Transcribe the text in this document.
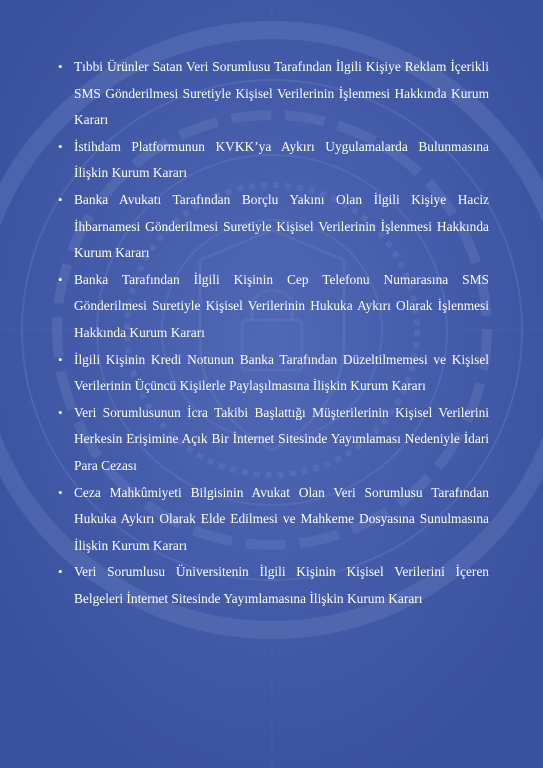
• Tıbbi Ürünler Satan Veri Sorumlusu Tarafından İlgili Kişiye Reklam İçerikli SMS Gönderilmesi Suretiyle Kişisel Verilerinin İşlenmesi Hakkında Kurum Kararı
• İstihdam Platformunun KVKK’ya Aykırı Uygulamalarda Bulunmasına İlişkin Kurum Kararı
• Banka Avukatı Tarafından Borçlu Yakını Olan İlgili Kişiye Haciz İhbarnamesi Gönderilmesi Suretiyle Kişisel Verilerinin İşlenmesi Hakkında Kurum Kararı
• Banka Tarafından İlgili Kişinin Cep Telefonu Numarasına SMS Gönderilmesi Suretiyle Kişisel Verilerinin Hukuka Aykırı Olarak İşlenmesi Hakkında Kurum Kararı
• İlgili Kişinin Kredi Notunun Banka Tarafından Düzeltilmemesi ve Kişisel Verilerinin Üçüncü Kişilerle Paylaşılmasına İlişkin Kurum Kararı
• Veri Sorumlusunun İcra Takibi Başlattığı Müşterilerinin Kişisel Verilerini Herkesin Erişimine Açık Bir İnternet Sitesinde Yayımlaması Nedeniyle İdari Para Cezası
• Ceza Mahkûmiyeti Bilgisinin Avukat Olan Veri Sorumlusu Tarafından Hukuka Aykırı Olarak Elde Edilmesi ve Mahkeme Dosyasına Sunulmasına İlişkin Kurum Kararı
• Veri Sorumlusu Üniversitenin İlgili Kişinin Kişisel Verilerini İçeren Belgeleri İnternet Sitesinde Yayımlamasına İlişkin Kurum Kararı
